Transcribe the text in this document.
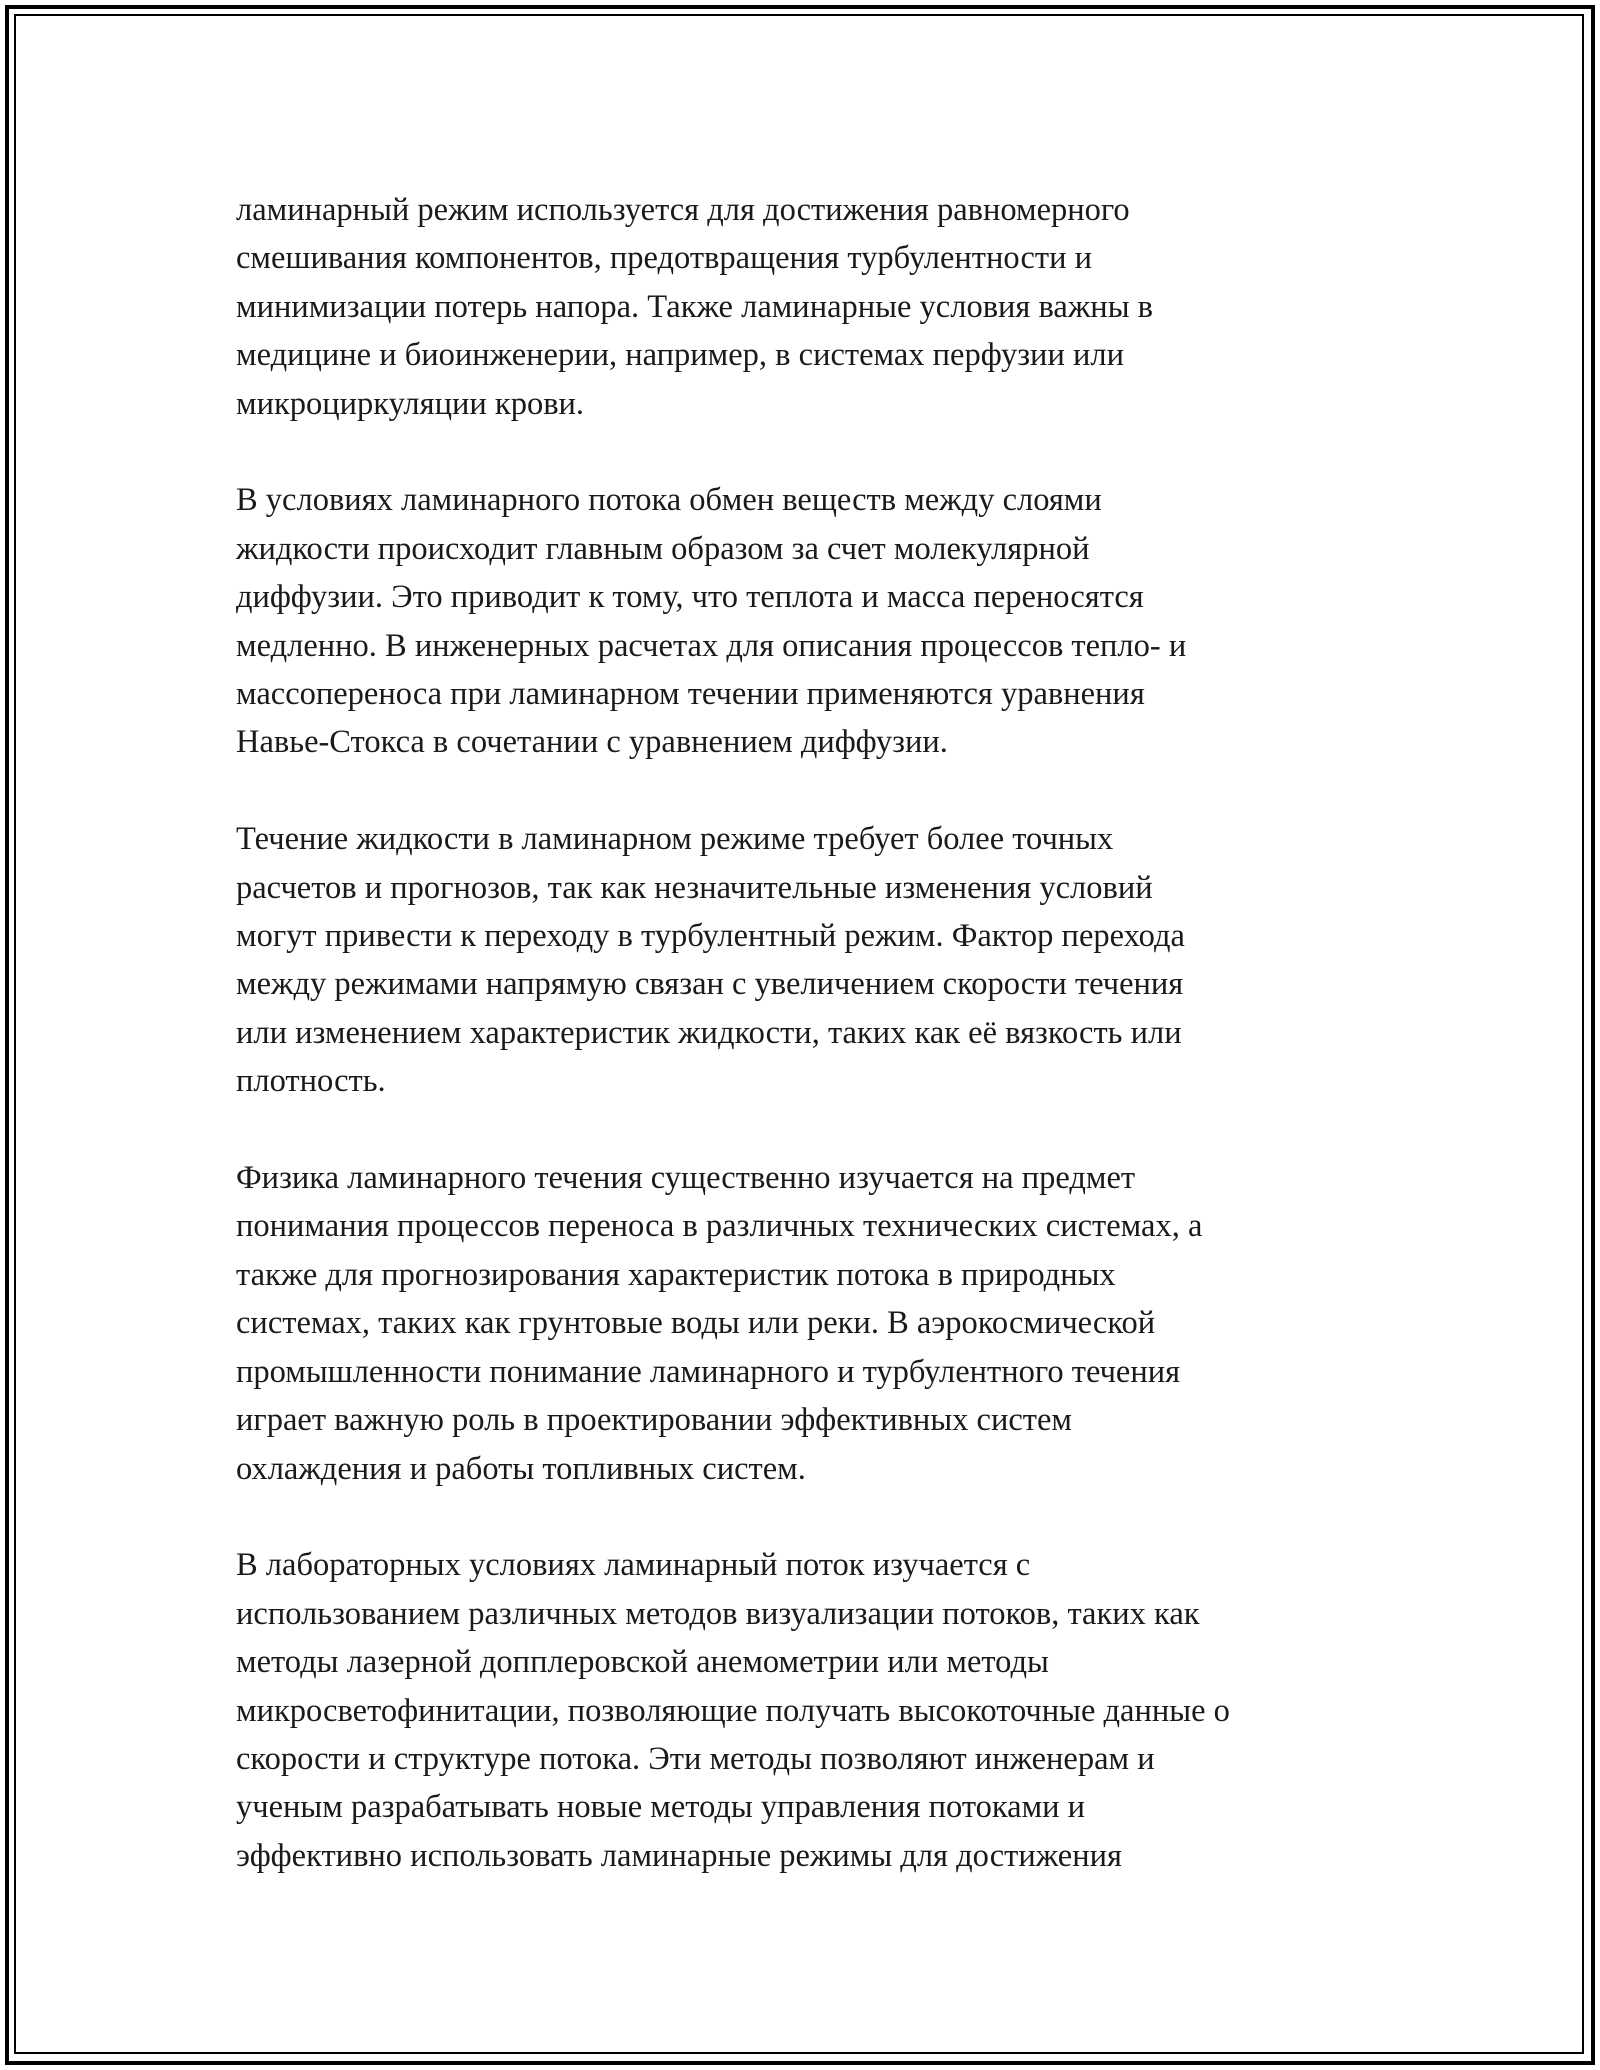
ламинарный режим используется для достижения равномерного
смешивания компонентов, предотвращения турбулентности и
минимизации потерь напора. Также ламинарные условия важны в
медицине и биоинженерии, например, в системах перфузии или
микроциркуляции крови.

В условиях ламинарного потока обмен веществ между слоями
жидкости происходит главным образом за счет молекулярной
диффузии. Это приводит к тому, что теплота и масса переносятся
медленно. В инженерных расчетах для описания процессов тепло- и
массопереноса при ламинарном течении применяются уравнения
Навье-Стокса в сочетании с уравнением диффузии.

Течение жидкости в ламинарном режиме требует более точных
расчетов и прогнозов, так как незначительные изменения условий
могут привести к переходу в турбулентный режим. Фактор перехода
между режимами напрямую связан с увеличением скорости течения
или изменением характеристик жидкости, таких как её вязкость или
плотность.

Физика ламинарного течения существенно изучается на предмет
понимания процессов переноса в различных технических системах, а
также для прогнозирования характеристик потока в природных
системах, таких как грунтовые воды или реки. В аэрокосмической
промышленности понимание ламинарного и турбулентного течения
играет важную роль в проектировании эффективных систем
охлаждения и работы топливных систем.

В лабораторных условиях ламинарный поток изучается с
использованием различных методов визуализации потоков, таких как
методы лазерной допплеровской анемометрии или методы
микросветофинитации, позволяющие получать высокоточные данные о
скорости и структуре потока. Эти методы позволяют инженерам и
ученым разрабатывать новые методы управления потоками и
эффективно использовать ламинарные режимы для достижения
